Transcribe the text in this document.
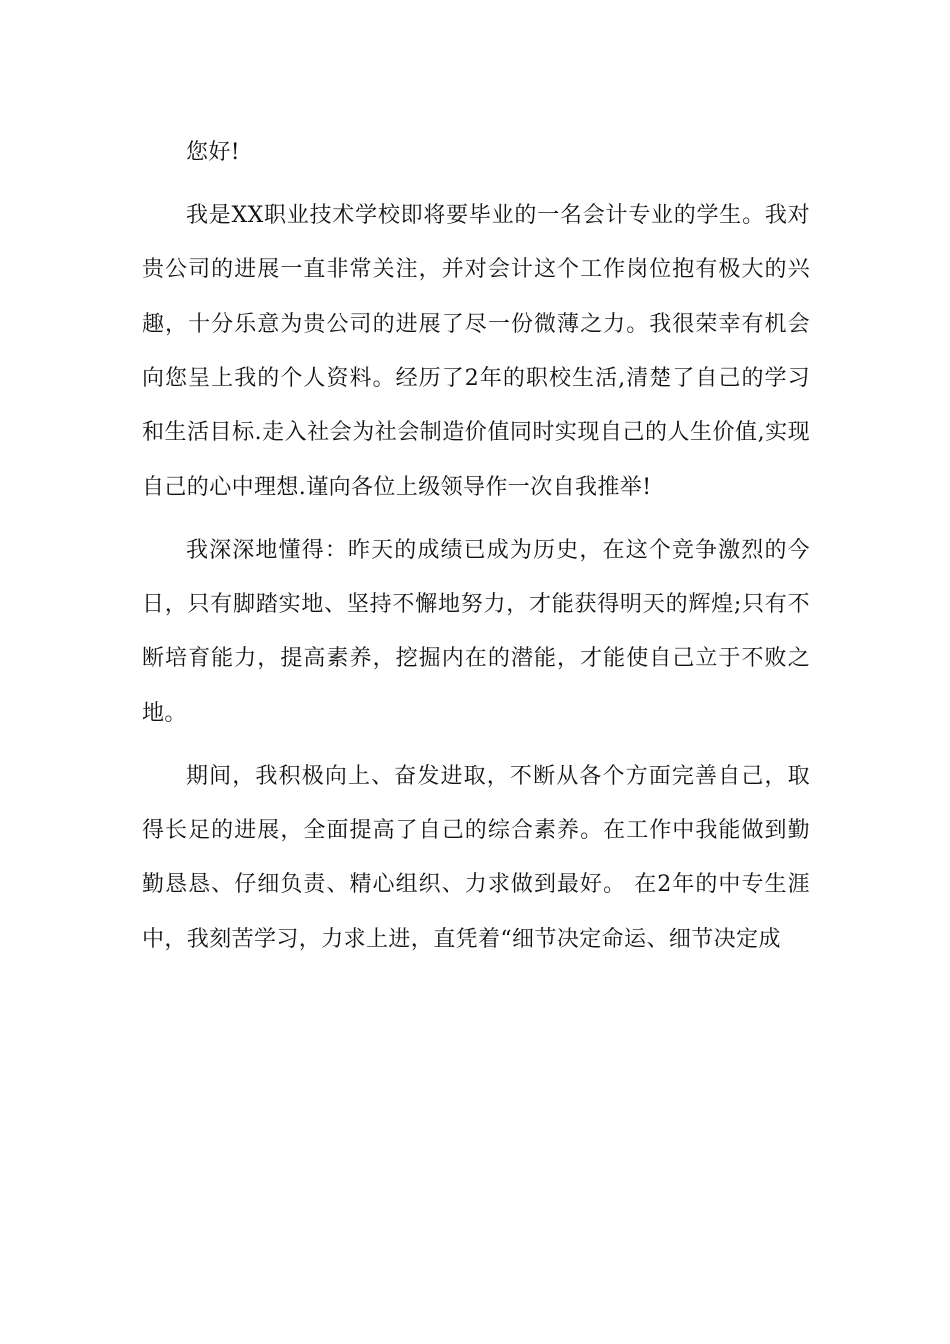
您好!

我是XX职业技术学校即将要毕业的一名会计专业的学生。我对贵公司的进展一直非常关注，并对会计这个工作岗位抱有极大的兴趣，十分乐意为贵公司的进展了尽一份微薄之力。我很荣幸有机会向您呈上我的个人资料。经历了2年的职校生活,清楚了自己的学习和生活目标.走入社会为社会制造价值同时实现自己的人生价值,实现自己的心中理想.谨向各位上级领导作一次自我推举!

我深深地懂得：昨天的成绩已成为历史，在这个竞争激烈的今日，只有脚踏实地、坚持不懈地努力，才能获得明天的辉煌;只有不断培育能力，提高素养，挖掘内在的潜能，才能使自己立于不败之地。

期间，我积极向上、奋发进取，不断从各个方面完善自己，取得长足的进展，全面提高了自己的综合素养。在工作中我能做到勤勤恳恳、仔细负责、精心组织、力求做到最好。 在2年的中专生涯中，我刻苦学习，力求上进，直凭着“细节决定命运、细节决定成
